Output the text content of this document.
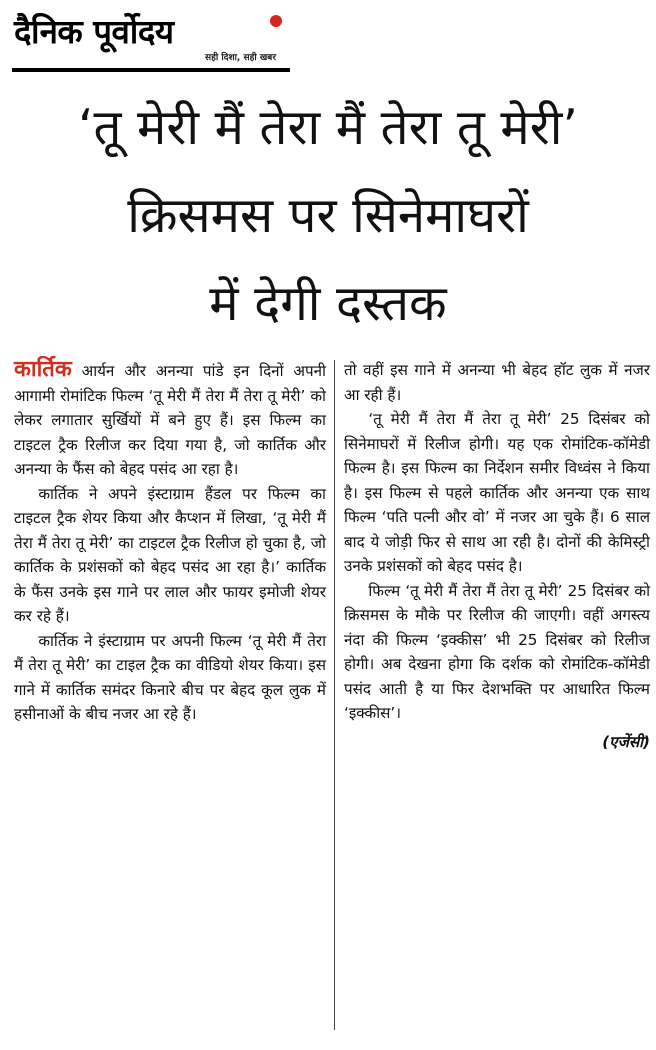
दैनिक पूर्वोदय
सही दिशा, सही खबर
‘तू मेरी मैं तेरा मैं तेरा तू मेरी’
क्रिसमस पर सिनेमाघरों
में देगी दस्तक

कार्तिक आर्यन और अनन्या पांडे इन दिनों अपनी आगामी रोमांटिक फिल्म ‘तू मेरी मैं तेरा मैं तेरा तू मेरी’ को लेकर लगातार सुर्खियों में बने हुए हैं। इस फिल्म का टाइटल ट्रैक रिलीज कर दिया गया है, जो कार्तिक और अनन्या के फैंस को बेहद पसंद आ रहा है।

कार्तिक ने अपने इंस्टाग्राम हैंडल पर फिल्म का टाइटल ट्रैक शेयर किया और कैप्शन में लिखा, ‘तू मेरी मैं तेरा मैं तेरा तू मेरी’ का टाइटल ट्रैक रिलीज हो चुका है, जो कार्तिक के प्रशंसकों को बेहद पसंद आ रहा है।’ कार्तिक के फैंस उनके इस गाने पर लाल और फायर इमोजी शेयर कर रहे हैं।

कार्तिक ने इंस्टाग्राम पर अपनी फिल्म ‘तू मेरी मैं तेरा मैं तेरा तू मेरी’ का टाइल ट्रैक का वीडियो शेयर किया। इस गाने में कार्तिक समंदर किनारे बीच पर बेहद कूल लुक में हसीनाओं के बीच नजर आ रहे हैं।

तो वहीं इस गाने में अनन्या भी बेहद हॉट लुक में नजर आ रही हैं।

‘तू मेरी मैं तेरा मैं तेरा तू मेरी’ 25 दिसंबर को सिनेमाघरों में रिलीज होगी। यह एक रोमांटिक-कॉमेडी फिल्म है। इस फिल्म का निर्देशन समीर विध्वंस ने किया है। इस फिल्म से पहले कार्तिक और अनन्या एक साथ फिल्म ‘पति पत्नी और वो’ में नजर आ चुके हैं। 6 साल बाद ये जोड़ी फिर से साथ आ रही है। दोनों की केमिस्ट्री उनके प्रशंसकों को बेहद पसंद है।

फिल्म ‘तू मेरी मैं तेरा मैं तेरा तू मेरी’ 25 दिसंबर को क्रिसमस के मौके पर रिलीज की जाएगी। वहीं अगस्त्य नंदा की फिल्म ‘इक्कीस’ भी 25 दिसंबर को रिलीज होगी। अब देखना होगा कि दर्शक को रोमांटिक-कॉमेडी पसंद आती है या फिर देशभक्ति पर आधारित फिल्म ‘इक्कीस’।

(एजेंसी)
